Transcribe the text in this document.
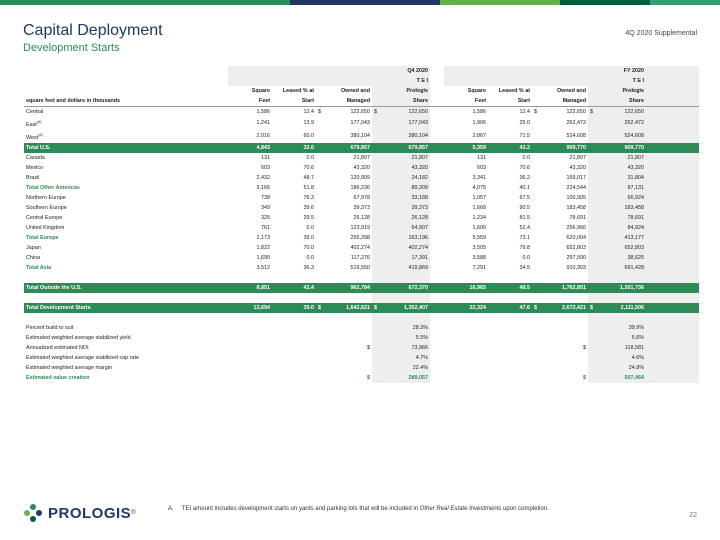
Capital Deployment
Development Starts
4Q 2020 Supplemental
		Q4 2020					FY 2020				
		T E I					T E I				
		Square	Leased % at	Owned and	Prologis		Square	Leased % at	Owned and	Prologis	
square feet and dollars in thousands		Feet	Start	Managed	Share		Feet	Start	Managed	Share	
Central		1,586	12.4	$ 122,650	$ 122,650		1,586	12.4	$ 122,650	$ 122,650	
East$^{(A)}$		1,241	13.9	177,043	177,043		1,906	25.0	262,472	262,472	
West$^{(A)}$		2,016	60.0	380,104	380,104		2,867	71.5	524,608	524,608	
Total U.S.		4,843	32.6	679,857	679,857		5,359	43.2	909,770	909,770	
Canada		131	0.0	21,807	21,807		131	0.0	21,807	21,807	
Mexico		603	70.6	43,320	43,320		603	70.6	43,320	43,320	
Brazil		2,432	48.7	120,909	24,182		3,341	36.2	159,017	31,804	
Total Other Americas		3,166	51.8	186,236	89,309		4,075	40.1	224,544	97,131	
Northern Europe		738	76.3	67,978	33,188		1,057	67.5	100,905	66,924	
Southern Europe		349	39.6	39,373	39,373		1,668	90.5	183,458	183,458	
Central Europe		325	29.5	26,128	26,128		1,234	81.5	78,691	78,691	
United Kingdom		761	0.0	123,919	64,907		1,600	52.4	256,966	84,924	
Total Europe		2,173	39.0	256,398	163,196		5,559	73.1	620,004	413,177	
Japan		1,822	70.0	402,274	402,274		3,505	79.8	652,803	652,803	
China		1,690	0.0	117,276	17,391		3,588	0.0	257,500	38,625	
Total Asia		3,512	36.3	519,550	419,869		7,291	34.5	910,303	691,428	

Total Outside the U.S.		8,851	42.4	962,784	672,370		16,965	48.5	1,762,851	1,201,736	

Total Development Starts		13,694	39.0	$ 1,642,621	$ 1,352,407		22,324	47.6	$ 2,672,421	$ 2,111,506	

Percent build to suit					28.3%					39.9%	
Estimated weighted average stabilized yield					5.5%					5.6%	
Annualized estimated NOI				$	73,966				$	118,581	
Estimated weighted average stabilized cap rate					4.7%					4.6%	
Estimated weighted average margin					22.4%					24.9%	
Estimated value creation				$	289,057				$	507,464	
PROLOGIS ®
A. TEI amount includes development starts on yards and parking lots that will be included in Other Real Estate Investments upon completion.
22
